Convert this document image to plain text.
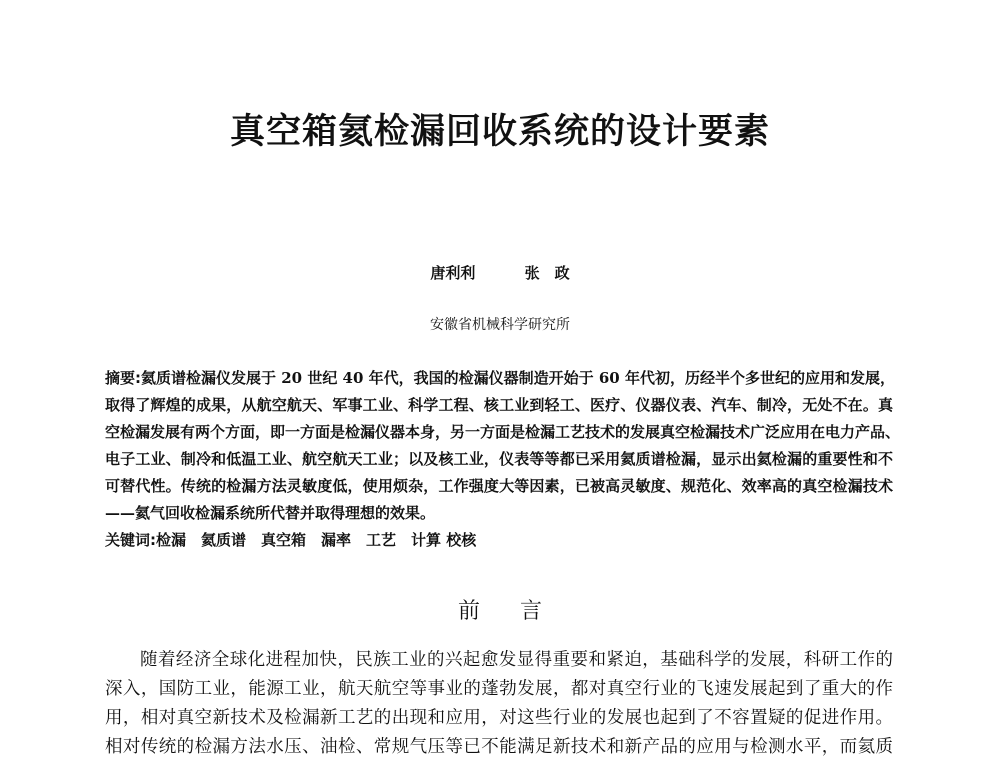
真空箱氦检漏回收系统的设计要素
唐利利	张　政
安徽省机械科学研究所
摘要:氦质谱检漏仪发展于 20 世纪 40 年代，我国的检漏仪器制造开始于 60 年代初，历经半个多世纪的应用和发展，
取得了辉煌的成果，从航空航天、军事工业、科学工程、核工业到轻工、医疗、仪器仪表、汽车、制冷，无处不在。真
空检漏发展有两个方面，即一方面是检漏仪器本身，另一方面是检漏工艺技术的发展真空检漏技术广泛应用在电力产品、
电子工业、制冷和低温工业、航空航天工业；以及核工业，仪表等等都已采用氦质谱检漏，显示出氦检漏的重要性和不
可替代性。传统的检漏方法灵敏度低，使用烦杂，工作强度大等因素，已被高灵敏度、规范化、效率高的真空检漏技术
——氦气回收检漏系统所代替并取得理想的效果。
关键词:检漏　氦质谱　真空箱　漏率　工艺　计算 校核
前言
随着经济全球化进程加快，民族工业的兴起愈发显得重要和紧迫，基础科学的发展，科研工作的
深入，国防工业，能源工业，航天航空等事业的蓬勃发展，都对真空行业的飞速发展起到了重大的作
用，相对真空新技术及检漏新工艺的出现和应用，对这些行业的发展也起到了不容置疑的促进作用。
相对传统的检漏方法水压、油检、常规气压等已不能满足新技术和新产品的应用与检测水平，而氦质
